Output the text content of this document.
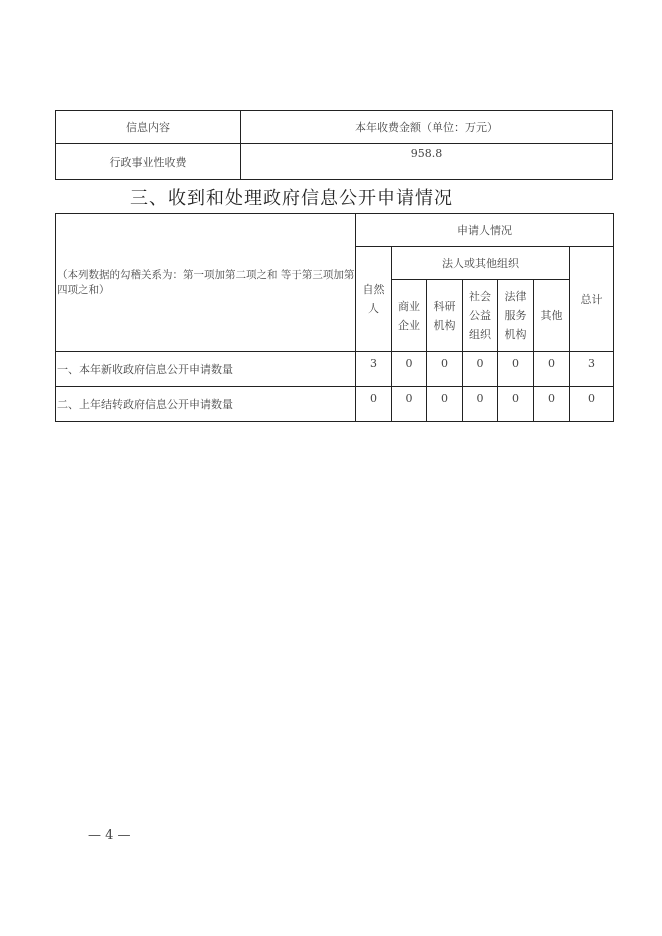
信息内容	本年收费金额（单位：万元）
行政事业性收费	958.8
三、收到和处理政府信息公开申请情况
（本列数据的勾稽关系为：第一项加第二项之和 等于第三项加第四项之和）	申请人情况						
	自然人	法人或其他组织					总计
		商业企业	科研机构	社会公益组织	法律服务机构	其他	
一、本年新收政府信息公开申请数量	3	0	0	0	0	0	3
二、上年结转政府信息公开申请数量	0	0	0	0	0	0	0
— 4 —
